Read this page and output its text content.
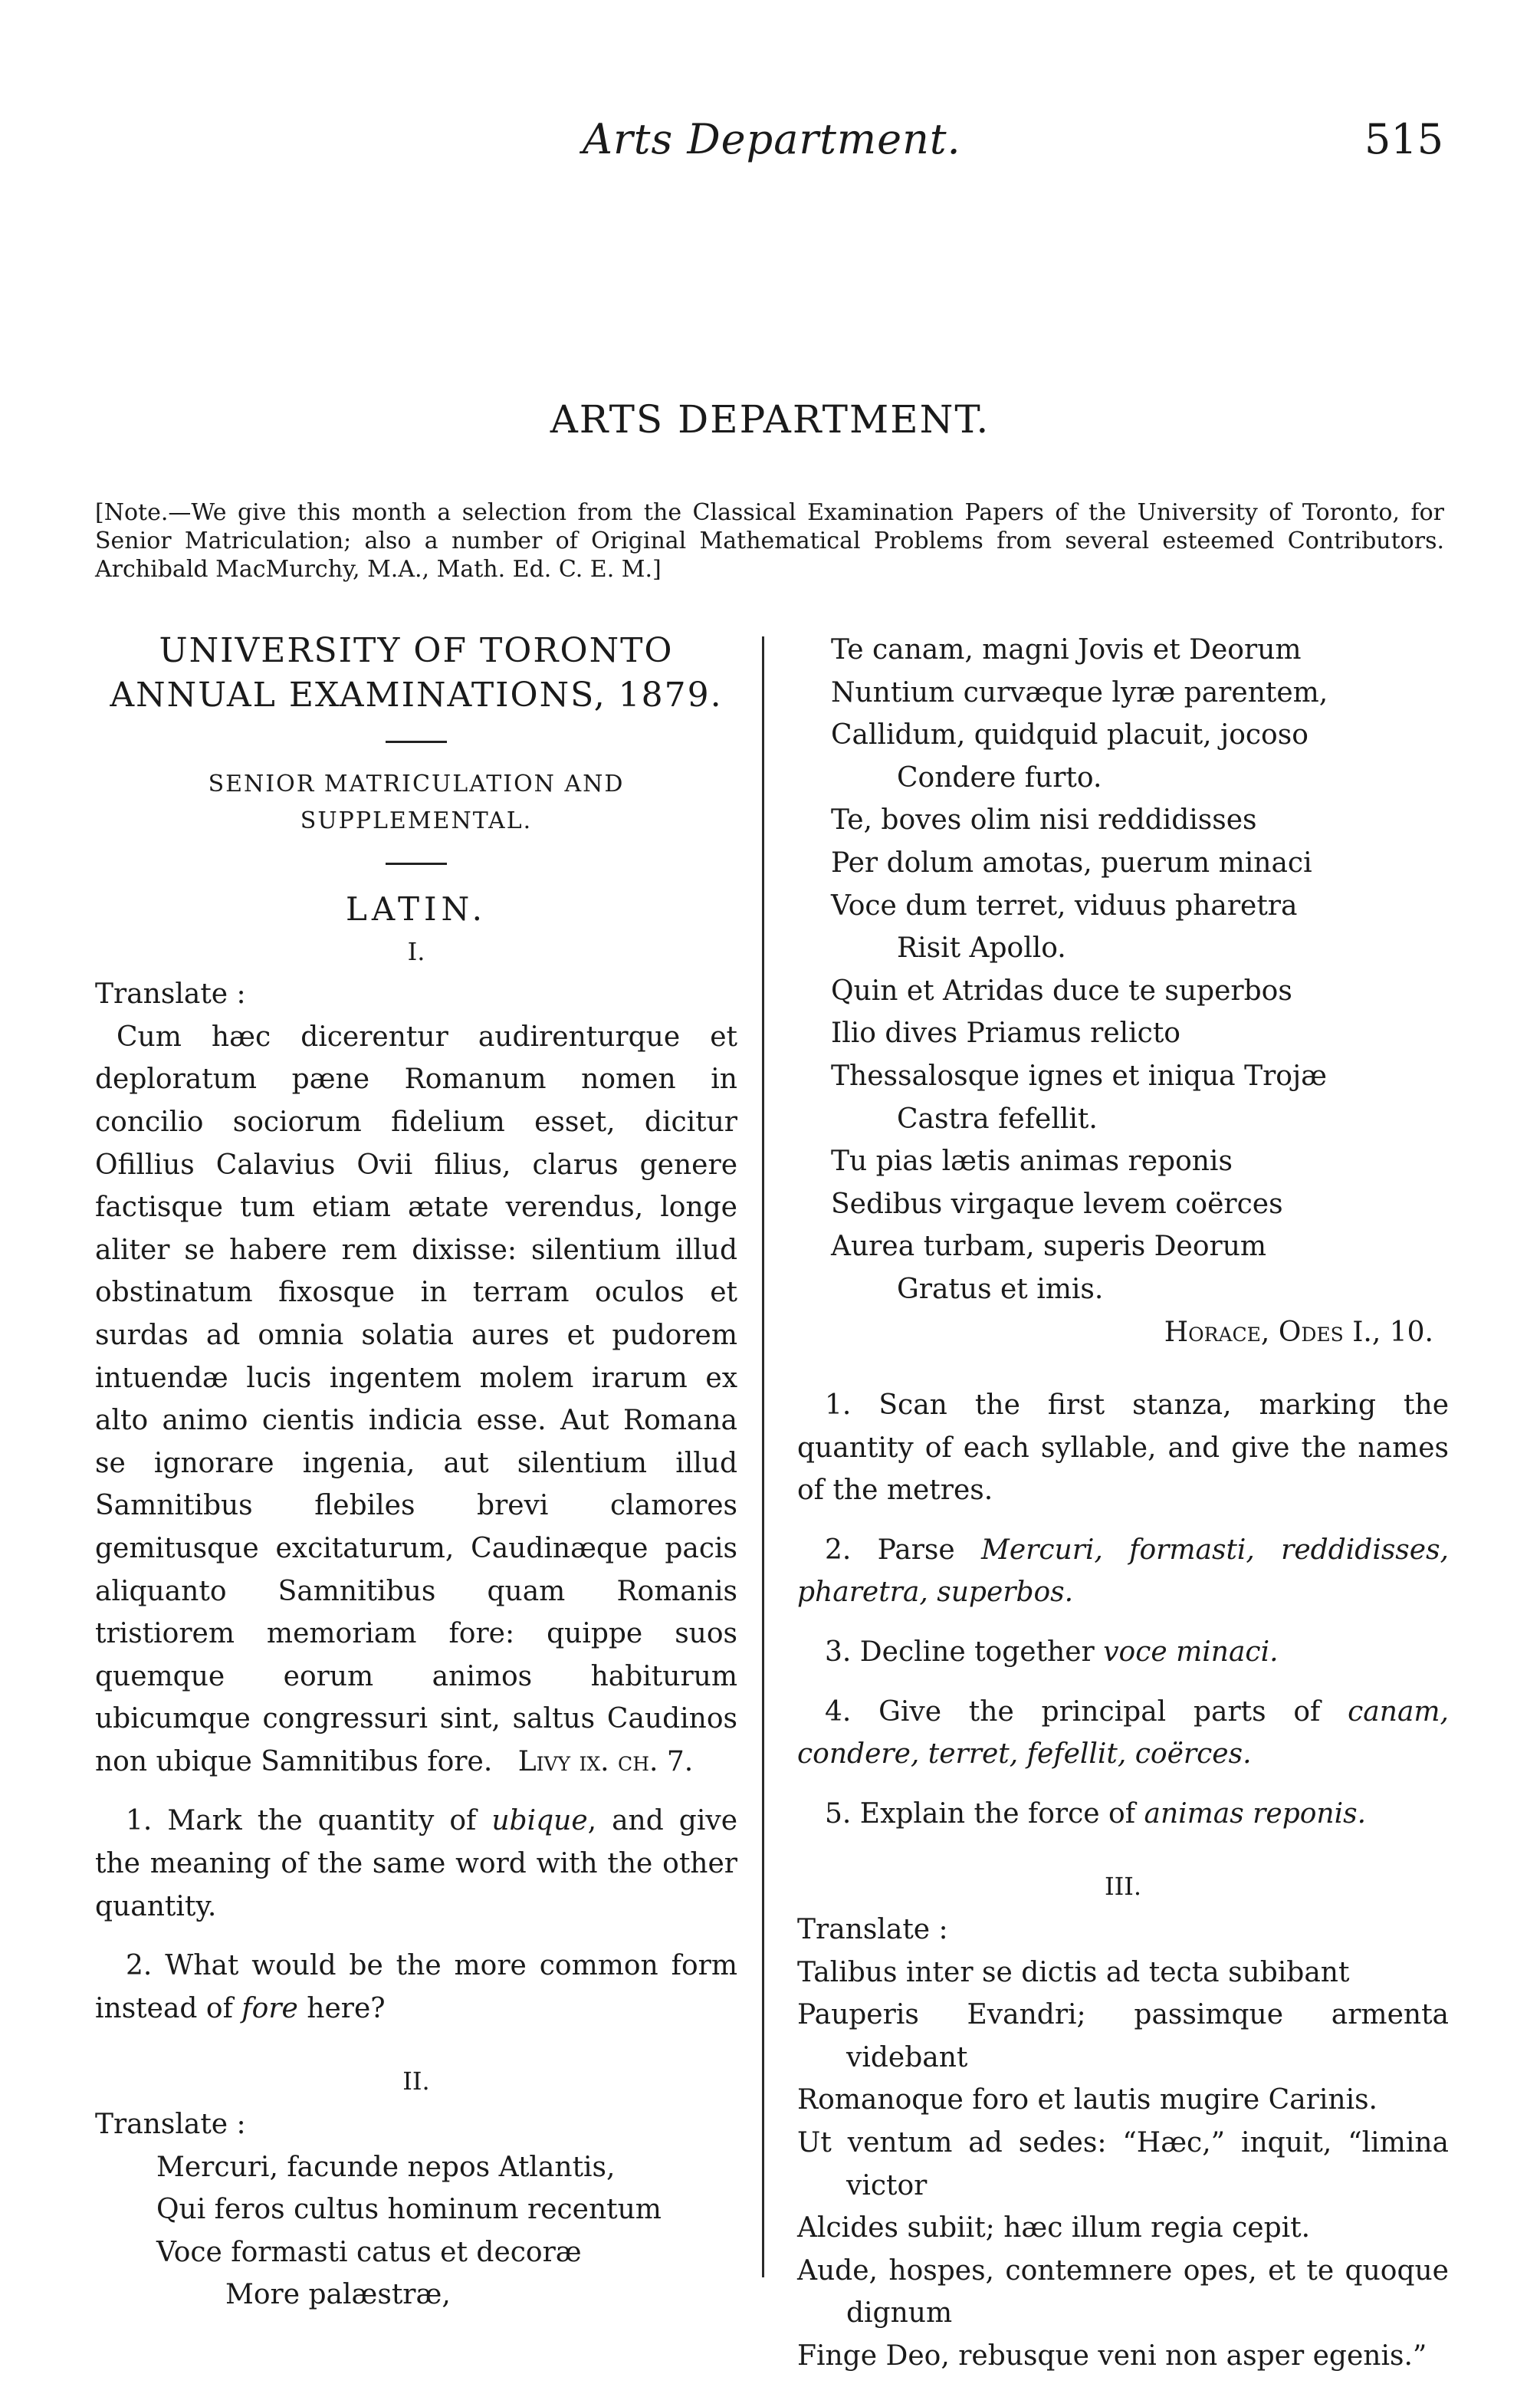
Arts Department.	515
ARTS DEPARTMENT.
[Note.—We give this month a selection from the Classical Examination Papers of the University of Toronto, for Senior Matriculation; also a number of Original Mathematical Problems from several esteemed Contributors. Archibald MacMurchy, M.A., Math. Ed. C. E. M.]

UNIVERSITY OF TORONTO ANNUAL EXAMINATIONS, 1879.

SENIOR MATRICULATION AND SUPPLEMENTAL.

LATIN.

I.

Translate :

Cum hæc dicerentur audirenturque et deploratum pæne Romanum nomen in concilio sociorum fidelium esset, dicitur Ofillius Calavius Ovii filius, clarus genere factisque tum etiam ætate verendus, longe aliter se habere rem dixisse: silentium illud obstinatum fixosque in terram oculos et surdas ad omnia solatia aures et pudorem intuendæ lucis ingentem molem irarum ex alto animo cientis indicia esse. Aut Romana se ignorare ingenia, aut silentium illud Samnitibus flebiles brevi clamores gemitusque excitaturum, Caudinæque pacis aliquanto Samnitibus quam Romanis tristiorem memoriam fore: quippe suos quemque eorum animos habiturum ubicumque congressuri sint, saltus Caudinos non ubique Samnitibus fore. Livy ix. ch. 7.

1. Mark the quantity of ubique, and give the meaning of the same word with the other quantity.

2. What would be the more common form instead of fore here?

II.

Translate :

Mercuri, facunde nepos Atlantis,

Qui feros cultus hominum recentum

Voce formasti catus et decoræ

More palæstræ,

Te canam, magni Jovis et Deorum

Nuntium curvæque lyræ parentem,

Callidum, quidquid placuit, jocoso

Condere furto.

Te, boves olim nisi reddidisses

Per dolum amotas, puerum minaci

Voce dum terret, viduus pharetra

Risit Apollo.

Quin et Atridas duce te superbos

Ilio dives Priamus relicto

Thessalosque ignes et iniqua Trojæ

Castra fefellit.

Tu pias lætis animas reponis

Sedibus virgaque levem coërces

Aurea turbam, superis Deorum

Gratus et imis.

Horace, Odes I., 10.

1. Scan the first stanza, marking the quantity of each syllable, and give the names of the metres.

2. Parse Mercuri, formasti, reddidisses, pharetra, superbos.

3. Decline together voce minaci.

4. Give the principal parts of canam, condere, terret, fefellit, coërces.

5. Explain the force of animas reponis.

III.

Translate :

Talibus inter se dictis ad tecta subibant

Pauperis Evandri; passimque armenta videbant

Romanoque foro et lautis mugire Carinis.

Ut ventum ad sedes: “Hæc,” inquit, “limina victor

Alcides subiit; hæc illum regia cepit.

Aude, hospes, contemnere opes, et te quoque dignum

Finge Deo, rebusque veni non asper egenis.”
